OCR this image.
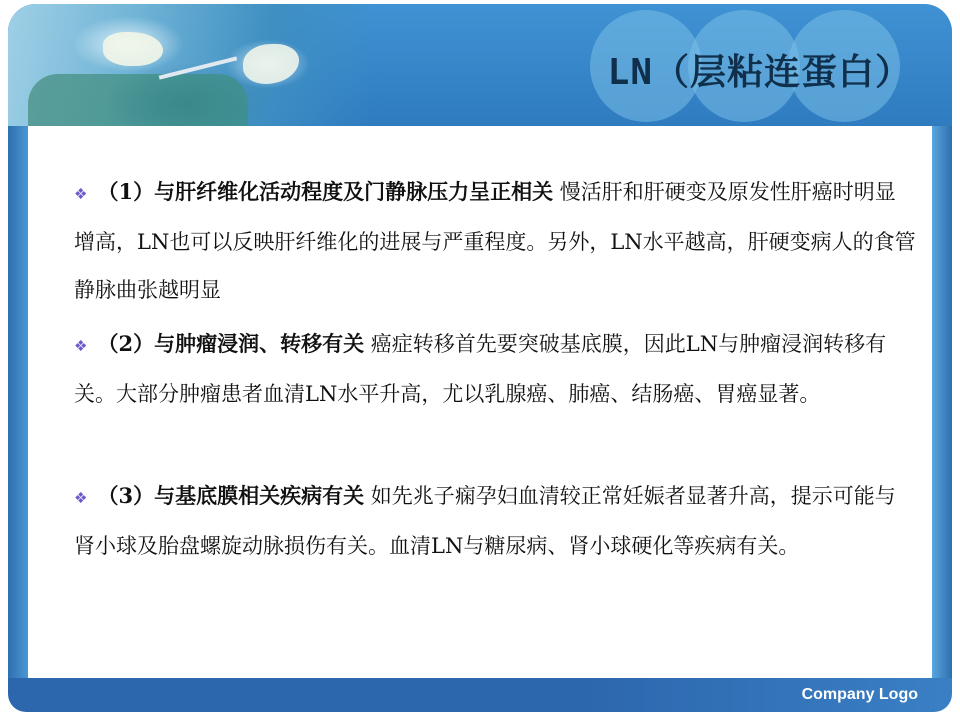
LN（层粘连蛋白）
❖ （1）与肝纤维化活动程度及门静脉压力呈正相关 慢活肝和肝硬变及原发性肝癌时明显增高，LN也可以反映肝纤维化的进展与严重程度。另外，LN水平越高，肝硬变病人的食管静脉曲张越明显
❖ （2）与肿瘤浸润、转移有关 癌症转移首先要突破基底膜，因此LN与肿瘤浸润转移有关。大部分肿瘤患者血清LN水平升高，尤以乳腺癌、肺癌、结肠癌、胃癌显著。
❖ （3）与基底膜相关疾病有关 如先兆子痫孕妇血清较正常妊娠者显著升高，提示可能与肾小球及胎盘螺旋动脉损伤有关。血清LN与糖尿病、肾小球硬化等疾病有关。
Company Logo
